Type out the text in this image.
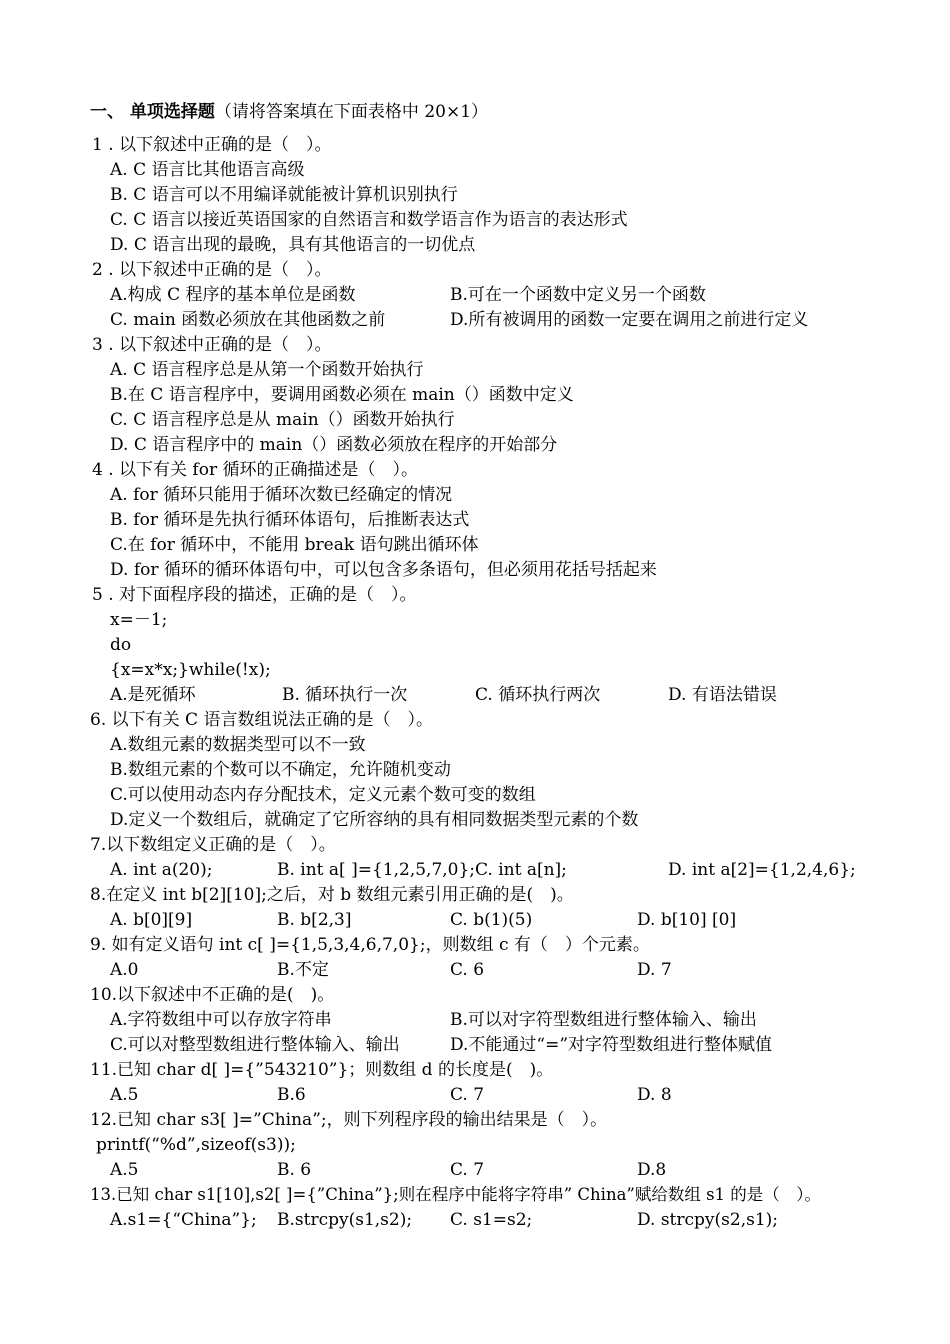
一、 单项选择题（请将答案填在下面表格中 20×1）
1 . 以下叙述中正确的是（　）。
A. C 语言比其他语言高级
B. C 语言可以不用编译就能被计算机识别执行
C. C 语言以接近英语国家的自然语言和数学语言作为语言的表达形式
D. C 语言出现的最晚，具有其他语言的一切优点
2 . 以下叙述中正确的是（　）。
A.构成 C 程序的基本单位是函数	B.可在一个函数中定义另一个函数
C. main 函数必须放在其他函数之前	D.所有被调用的函数一定要在调用之前进行定义
3 . 以下叙述中正确的是（　）。
A. C 语言程序总是从第一个函数开始执行
B.在 C 语言程序中，要调用函数必须在 main（）函数中定义
C. C 语言程序总是从 main（）函数开始执行
D. C 语言程序中的 main（）函数必须放在程序的开始部分
4 . 以下有关 for 循环的正确描述是（　）。
A. for 循环只能用于循环次数已经确定的情况
B. for 循环是先执行循环体语句，后推断表达式
C.在 for 循环中，不能用 break 语句跳出循环体
D. for 循环的循环体语句中，可以包含多条语句，但必须用花括号括起来
5 . 对下面程序段的描述，正确的是（　）。
x=－1;
do
{x=x*x;}while(!x);
A.是死循环	B. 循环执行一次	C. 循环执行两次	D. 有语法错误
6. 以下有关 C 语言数组说法正确的是（　）。
A.数组元素的数据类型可以不一致
B.数组元素的个数可以不确定，允许随机变动
C.可以使用动态内存分配技术，定义元素个数可变的数组
D.定义一个数组后，就确定了它所容纳的具有相同数据类型元素的个数
7.以下数组定义正确的是（　）。
A. int a(20);	B. int a[ ]={1,2,5,7,0}; C. int a[n];	D. int a[2]={1,2,4,6};
8.在定义 int b[2][10];之后，对 b 数组元素引用正确的是(　)。
A. b[0][9]	B. b[2,3]	C. b(1)(5)	D. b[10] [0]
9. 如有定义语句 int c[ ]={1,5,3,4,6,7,0};，则数组 c 有（　）个元素。
A.0	B.不定	C. 6	D. 7
10.以下叙述中不正确的是(　)。
A.字符数组中可以存放字符串	B.可以对字符型数组进行整体输入、输出
C.可以对整型数组进行整体输入、输出	D.不能通过“=”对字符型数组进行整体赋值
11.已知 char d[ ]={”543210”}；则数组 d 的长度是(　)。
A.5	B.6	C. 7	D. 8
12.已知 char s3[ ]=”China”;，则下列程序段的输出结果是（　）。
printf(“%d”,sizeof(s3));
A.5	B. 6	C. 7	D.8
13.已知 char s1[10],s2[ ]={”China”};则在程序中能将字符串” China”赋给数组 s1 的是（　）。
A.s1={“China”}; B.strcpy(s1,s2); C. s1=s2;	D. strcpy(s2,s1);
